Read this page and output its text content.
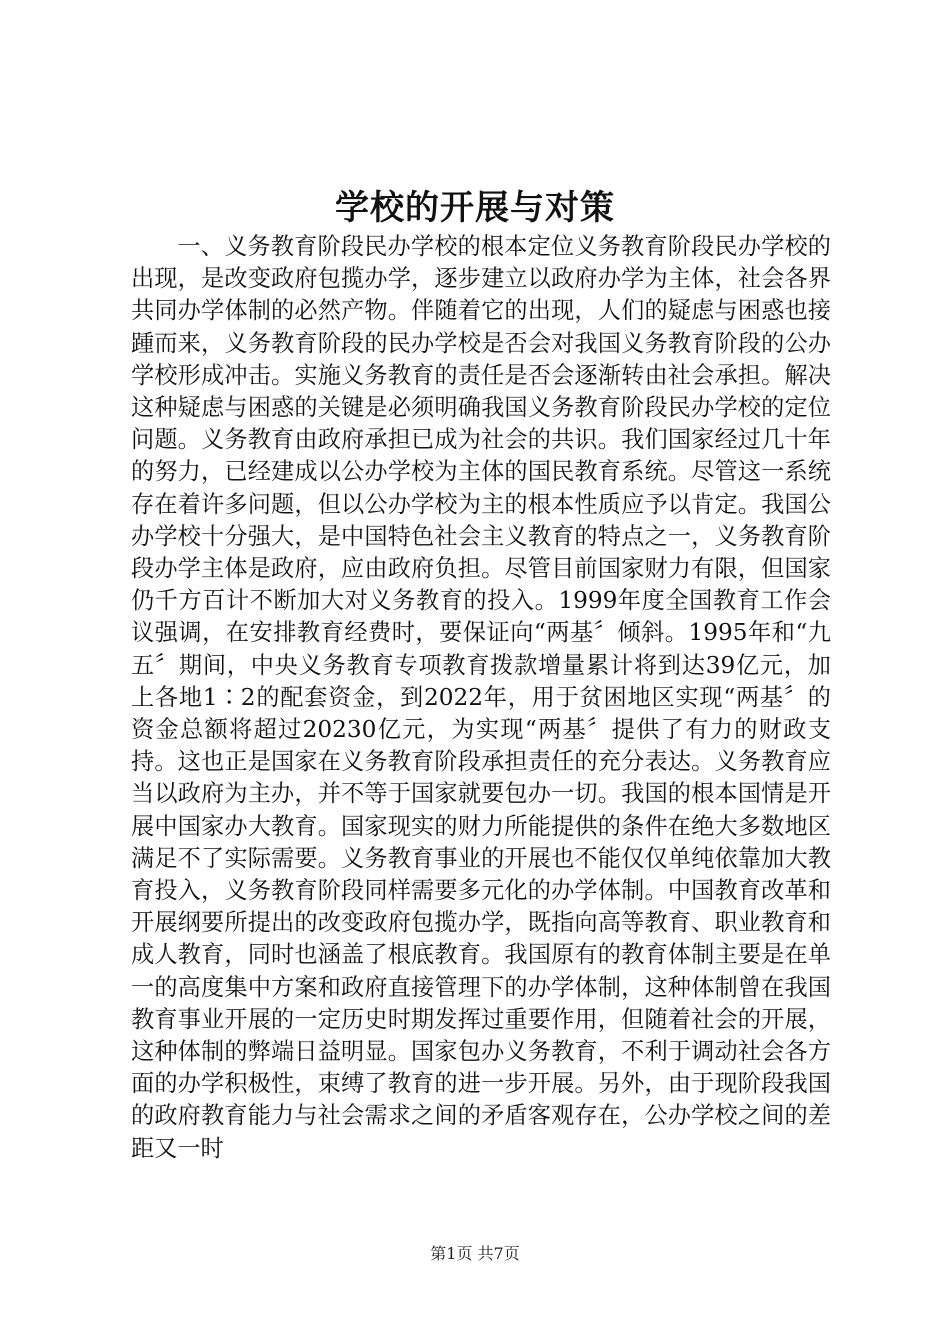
学校的开展与对策

一、义务教育阶段民办学校的根本定位义务教育阶段民办学校的出现，是改变政府包揽办学，逐步建立以政府办学为主体，社会各界共同办学体制的必然产物。伴随着它的出现，人们的疑虑与困惑也接踵而来，义务教育阶段的民办学校是否会对我国义务教育阶段的公办学校形成冲击。实施义务教育的责任是否会逐渐转由社会承担。解决这种疑虑与困惑的关键是必须明确我国义务教育阶段民办学校的定位问题。义务教育由政府承担已成为社会的共识。我们国家经过几十年的努力，已经建成以公办学校为主体的国民教育系统。尽管这一系统存在着许多问题，但以公办学校为主的根本性质应予以肯定。我国公办学校十分强大，是中国特色社会主义教育的特点之一，义务教育阶段办学主体是政府，应由政府负担。尽管目前国家财力有限，但国家仍千方百计不断加大对义务教育的投入。1999年度全国教育工作会议强调，在安排教育经费时，要保证向“两基〞倾斜。1995年和“九五〞期间，中央义务教育专项教育拨款增量累计将到达39亿元，加上各地1∶2的配套资金，到2022年，用于贫困地区实现“两基〞的资金总额将超过20230亿元，为实现“两基〞提供了有力的财政支持。这也正是国家在义务教育阶段承担责任的充分表达。义务教育应当以政府为主办，并不等于国家就要包办一切。我国的根本国情是开展中国家办大教育。国家现实的财力所能提供的条件在绝大多数地区满足不了实际需要。义务教育事业的开展也不能仅仅单纯依靠加大教育投入，义务教育阶段同样需要多元化的办学体制。中国教育改革和开展纲要所提出的改变政府包揽办学，既指向高等教育、职业教育和成人教育，同时也涵盖了根底教育。我国原有的教育体制主要是在单一的高度集中方案和政府直接管理下的办学体制，这种体制曾在我国教育事业开展的一定历史时期发挥过重要作用，但随着社会的开展，这种体制的弊端日益明显。国家包办义务教育，不利于调动社会各方面的办学积极性，束缚了教育的进一步开展。另外，由于现阶段我国的政府教育能力与社会需求之间的矛盾客观存在，公办学校之间的差距又一时

第1页 共7页
